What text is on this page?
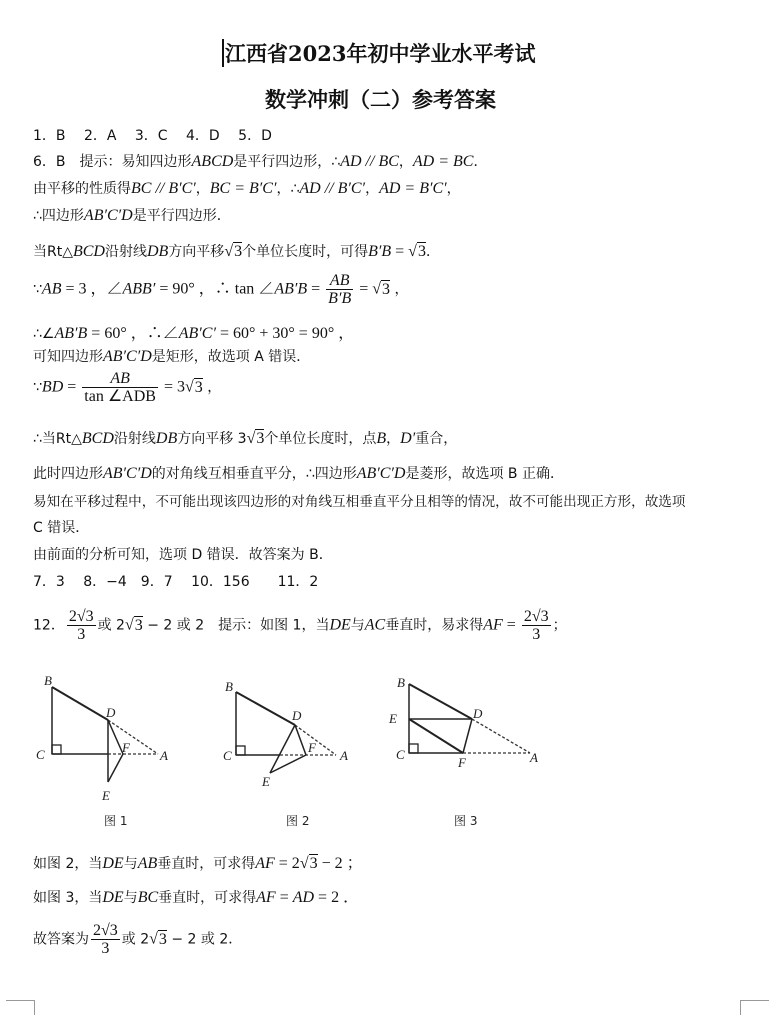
江西省2023年初中学业水平考试
数学冲刺（二）参考答案
1．B　 2．A　 3．C　 4．D　 5．D
6．B　提示：易知四边形ABCD是平行四边形，∴AD // BC，AD = BC．
由平移的性质得BC // B′C′，BC = B′C′，∴AD // B′C′，AD = B′C′，
∴四边形AB′C′D是平行四边形．
当Rt△BCD沿射线DB方向平移√3个单位长度时，可得B′B = √3．
∵AB = 3 ，∠ABB′ = 90° ，∴ tan ∠AB′B = $\frac{AB}{B'B} = √3$ ，
∴∠AB′B = 60° ，∴∠AB′C′ = 60° + 30° = 90° ，
可知四边形AB′C′D是矩形，故选项 A 错误．
∵BD = $\frac{AB}{\text{tan ∠ADB}} = 3√3$ ，
∴当Rt△BCD沿射线DB方向平移 3√3个单位长度时，点B，D′重合，
此时四边形AB′C′D的对角线互相垂直平分，∴四边形AB′C′D是菱形，故选项 B 正确．
易知在平移过程中，不可能出现该四边形的对角线互相垂直平分且相等的情况，故不可能出现正方形，故选项
C 错误．
由前面的分析可知，选项 D 错误．故答案为 B．
7．3　 8．−4　9．7　 10．156　　11．2
12． $\frac{2√3}{3}$ 或 2√3 − 2 或 2　提示：如图 1，当DE与AC垂直时，易求得AF = $\frac{2√3}{3}$ ；
B
C
D
F
A
E
图 1
B
C
D
F
A
E
图 2
B
E
C
D
F	A
图 3
如图 2，当DE与AB垂直时，可求得AF = 2√3 − 2 ；
如图 3，当DE与BC垂直时，可求得AF = AD = 2 ．
故答案为 $\frac{2√3}{3}$ 或 2√3 − 2 或 2．
